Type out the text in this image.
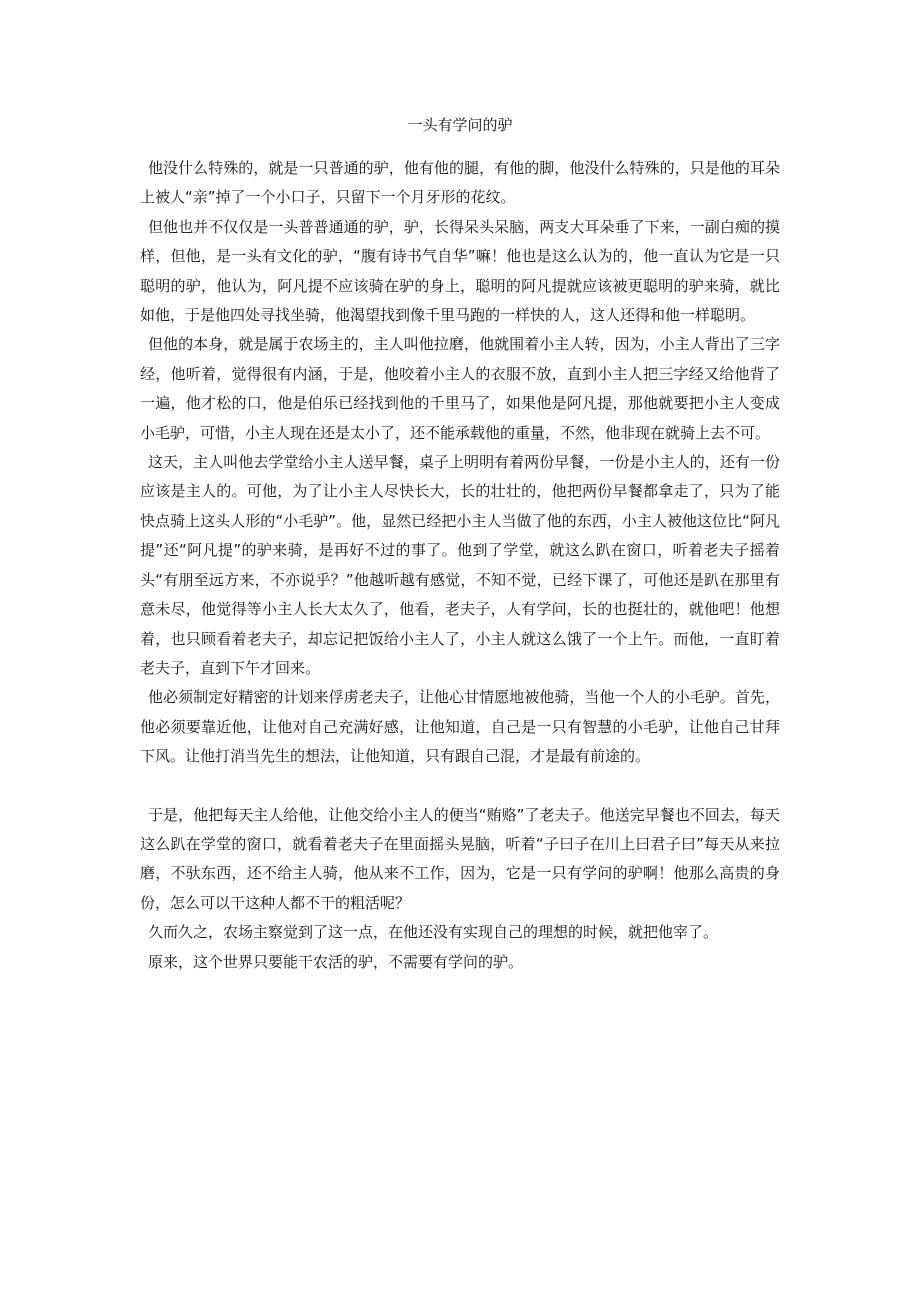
一头有学问的驴

他没什么特殊的，就是一只普通的驴，他有他的腿，有他的脚，他没什么特殊的，只是他的耳朵上被人“亲”掉了一个小口子，只留下一个月牙形的花纹。

但他也并不仅仅是一头普普通通的驴，驴，长得呆头呆脑，两支大耳朵垂了下来，一副白痴的摸样，但他，是一头有文化的驴，“腹有诗书气自华”嘛！他也是这么认为的，他一直认为它是一只聪明的驴，他认为，阿凡提不应该骑在驴的身上，聪明的阿凡提就应该被更聪明的驴来骑，就比如他，于是他四处寻找坐骑，他渴望找到像千里马跑的一样快的人，这人还得和他一样聪明。

但他的本身，就是属于农场主的，主人叫他拉磨，他就围着小主人转，因为，小主人背出了三字经，他听着，觉得很有内涵，于是，他咬着小主人的衣服不放，直到小主人把三字经又给他背了一遍，他才松的口，他是伯乐已经找到他的千里马了，如果他是阿凡提，那他就要把小主人变成小毛驴，可惜，小主人现在还是太小了，还不能承载他的重量，不然，他非现在就骑上去不可。

这天，主人叫他去学堂给小主人送早餐，桌子上明明有着两份早餐，一份是小主人的，还有一份应该是主人的。可他，为了让小主人尽快长大，长的壮壮的，他把两份早餐都拿走了，只为了能快点骑上这头人形的“小毛驴”。他，显然已经把小主人当做了他的东西，小主人被他这位比“阿凡提”还“阿凡提”的驴来骑，是再好不过的事了。他到了学堂，就这么趴在窗口，听着老夫子摇着头“有朋至远方来，不亦说乎？”他越听越有感觉，不知不觉，已经下课了，可他还是趴在那里有意未尽，他觉得等小主人长大太久了，他看，老夫子，人有学问，长的也挺壮的，就他吧！他想着，也只顾看着老夫子，却忘记把饭给小主人了，小主人就这么饿了一个上午。而他，一直盯着老夫子，直到下午才回来。

他必须制定好精密的计划来俘虏老夫子，让他心甘情愿地被他骑，当他一个人的小毛驴。首先，他必须要靠近他，让他对自己充满好感，让他知道，自己是一只有智慧的小毛驴，让他自己甘拜下风。让他打消当先生的想法，让他知道，只有跟自己混，才是最有前途的。

于是，他把每天主人给他，让他交给小主人的便当“贿赂”了老夫子。他送完早餐也不回去，每天这么趴在学堂的窗口，就看着老夫子在里面摇头晃脑，听着“子曰子在川上曰君子曰”每天从来拉磨，不驮东西，还不给主人骑，他从来不工作，因为，它是一只有学问的驴啊！他那么高贵的身份，怎么可以干这种人都不干的粗活呢？

久而久之，农场主察觉到了这一点，在他还没有实现自己的理想的时候，就把他宰了。

原来，这个世界只要能干农活的驴，不需要有学问的驴。
